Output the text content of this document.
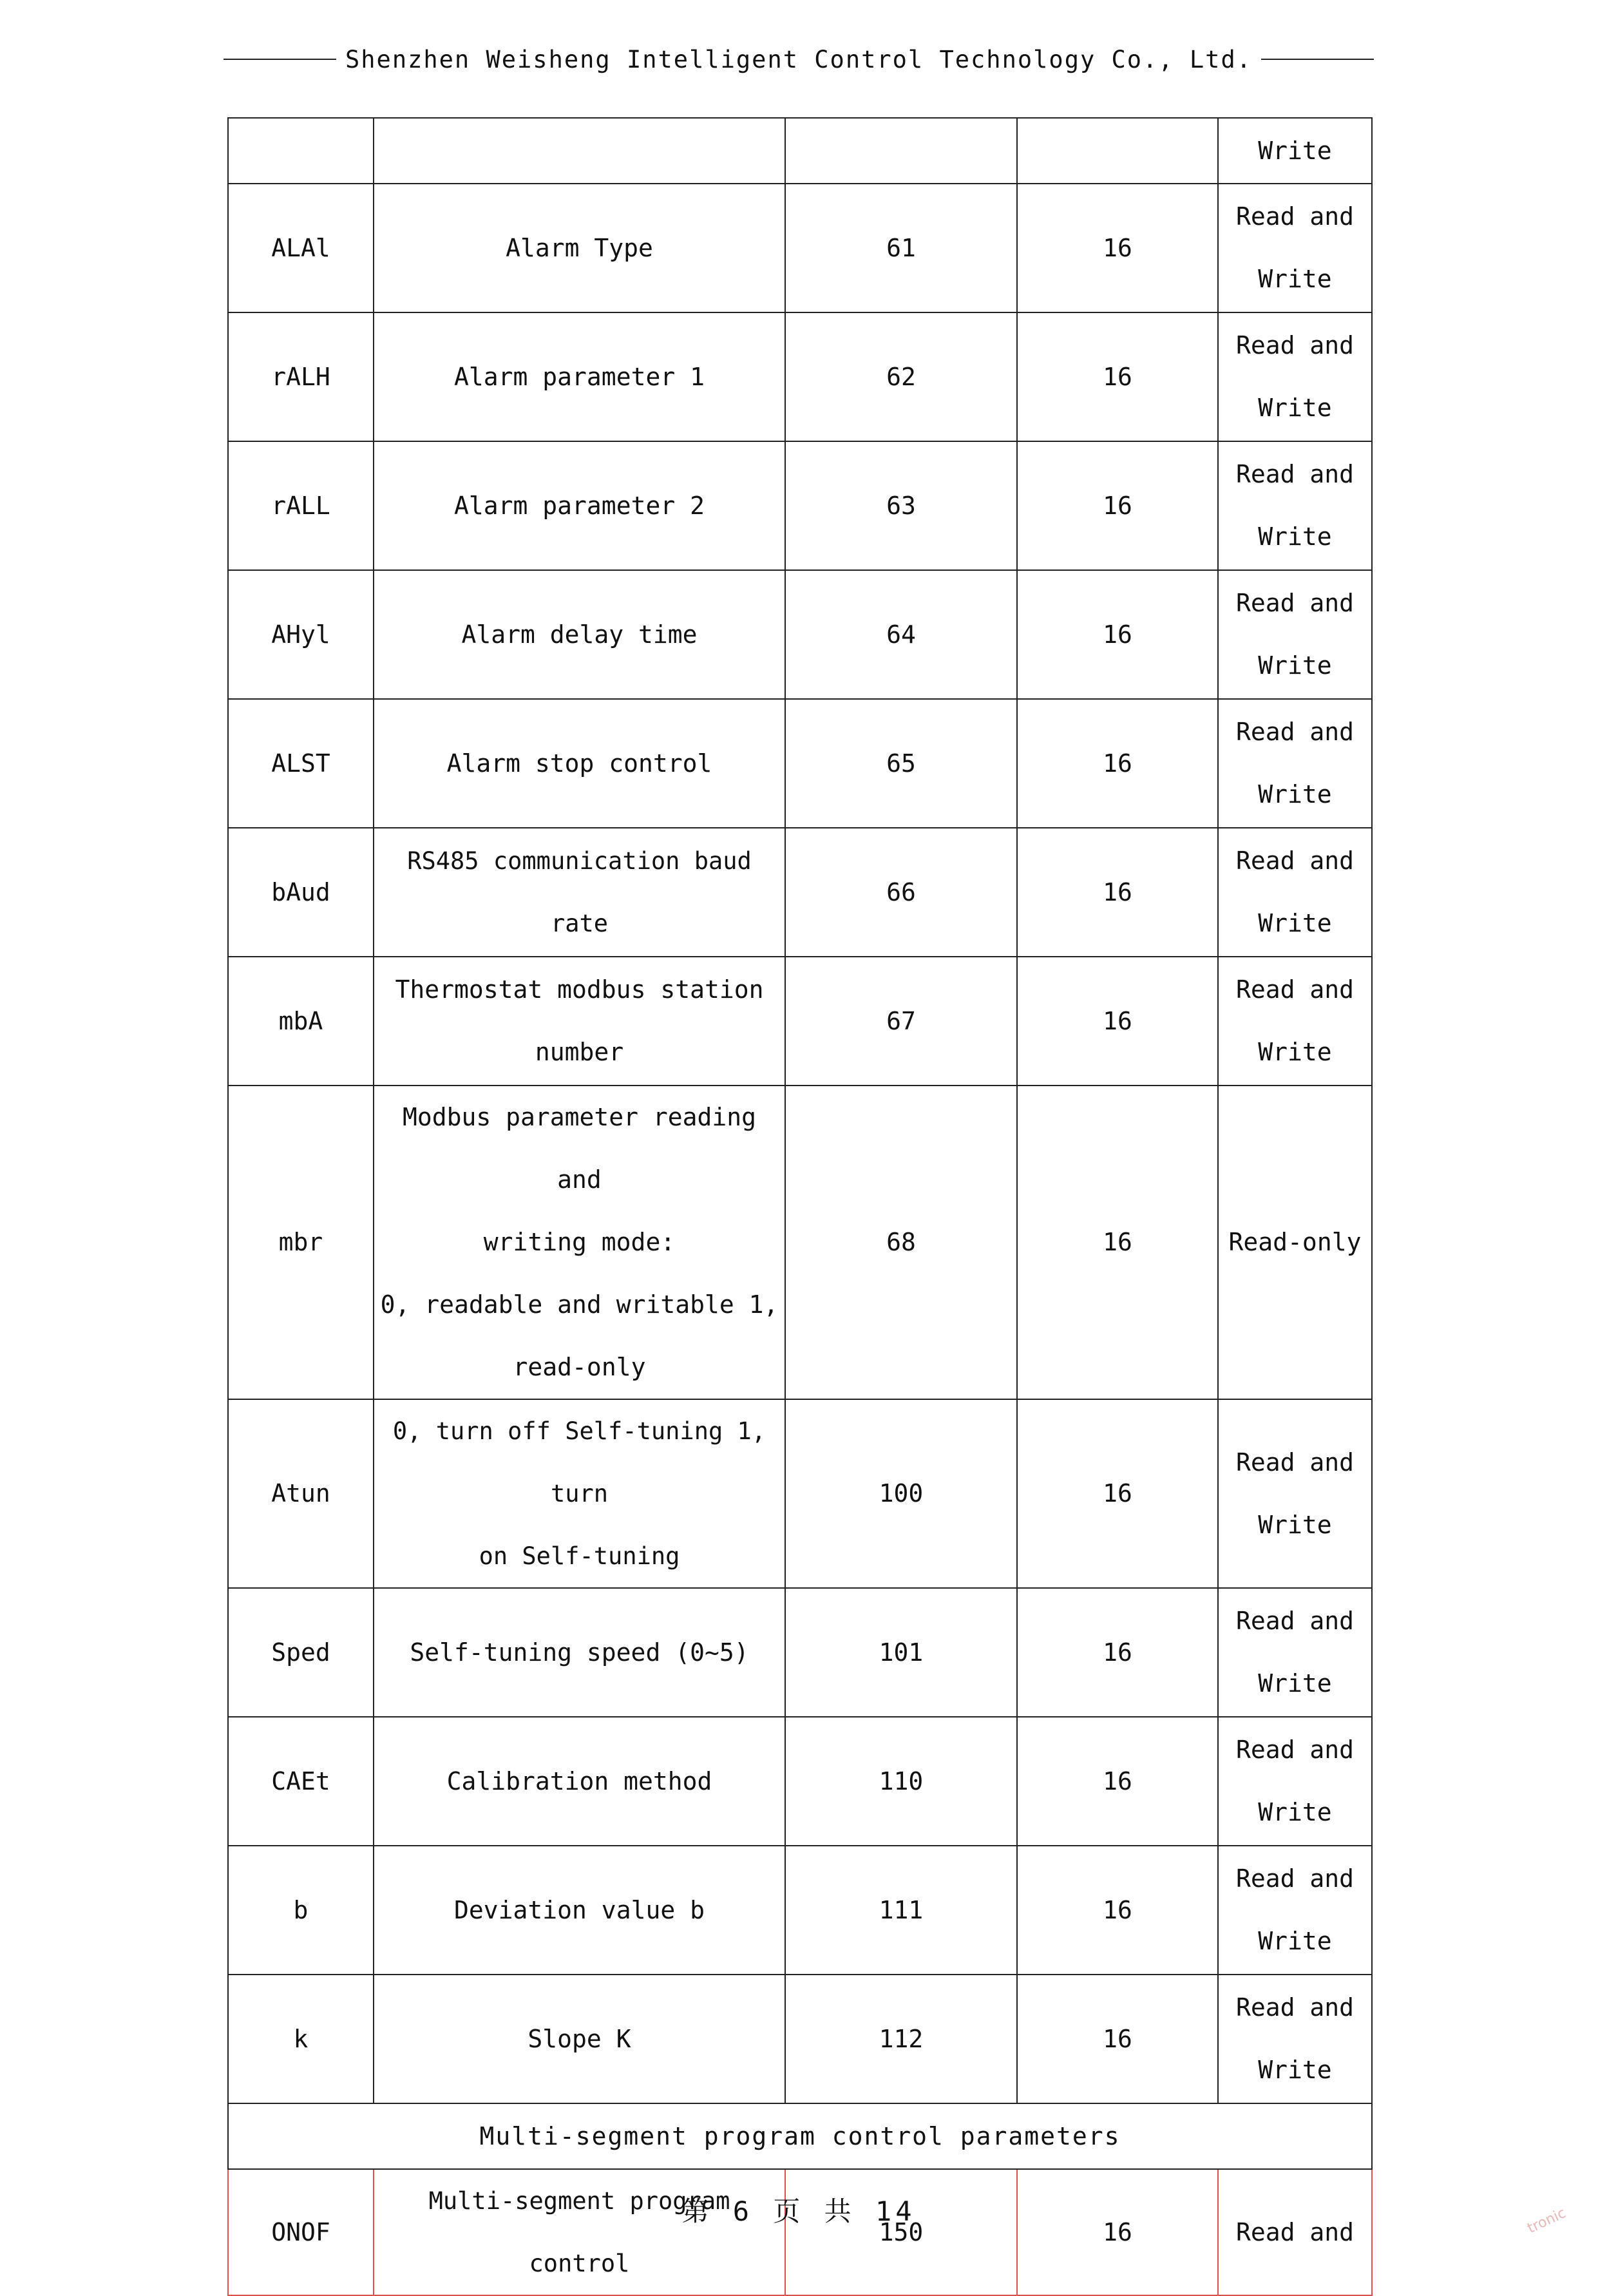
Shenzhen Weisheng Intelligent Control Technology Co., Ltd.
				Write
ALAl	Alarm Type	61	16	Read and
Write

rALH	Alarm parameter 1	62	16	Read and
Write

rALL	Alarm parameter 2	63	16	Read and
Write

AHyl	Alarm delay time	64	16	Read and
Write

ALST	Alarm stop control	65	16	Read and
Write

bAud	RS485 communication baud rate	66	16	Read and
Write

mbA	Thermostat modbus station
number	67	16	Read and
Write

mbr	Modbus parameter reading and
writing mode:
0, readable and writable 1,
read-only	68	16	Read-only
Atun	0, turn off Self-tuning 1, turn
on Self-tuning	100	16	Read and
Write

Sped	Self-tuning speed (0~5)	101	16	Read and
Write

CAEt	Calibration method	110	16	Read and
Write

b	Deviation value b	111	16	Read and
Write

k	Slope K	112	16	Read and
Write

Multi-segment program control parameters				
ONOF	Multi-segment program control	150	16	Read and
第 6 页 共 14	tronic
